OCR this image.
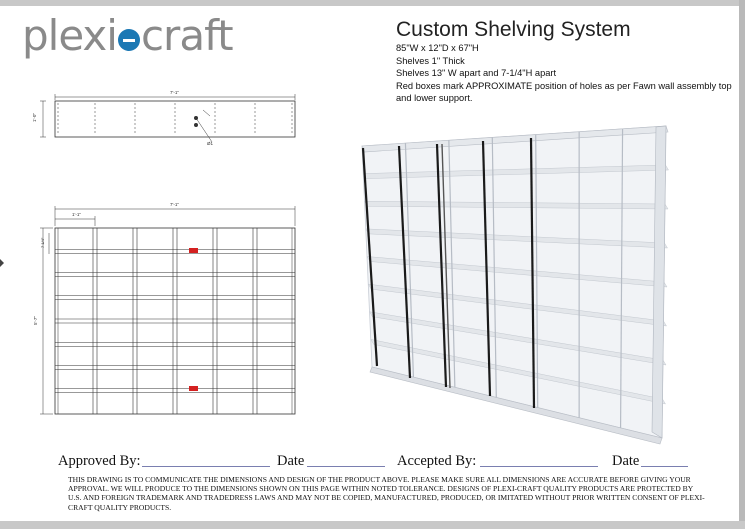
plexi craft	Custom Shelving System
85"W x 12"D x 67"H
Shelves 1" Thick
Shelves 13" W apart and 7-1/4"H apart
Red boxes mark APPROXIMATE position of holes as per Fawn wall assembly top and lower support.
7'-1"
1'-0"
Ø1
7'-1"
1'-1"
5'-7"
7 1/4"
Approved By:	Date	Accepted By:	Date
THIS DRAWING IS TO COMMUNICATE THE DIMENSIONS AND DESIGN OF THE PRODUCT ABOVE. PLEASE MAKE SURE ALL DIMENSIONS ARE ACCURATE BEFORE GIVING YOUR APPROVAL. WE WILL PRODUCE TO THE DIMENSIONS SHOWN ON THIS PAGE WITHIN NOTED TOLERANCE. DESIGNS OF PLEXI-CRAFT QUALITY PRODUCTS ARE PROTECTED BY U.S. AND FOREIGN TRADEMARK AND TRADEDRESS LAWS AND MAY NOT BE COPIED, MANUFACTURED, PRODUCED, OR IMITATED WITHOUT PRIOR WRITTEN CONSENT OF PLEXI-CRAFT QUALITY PRODUCTS.
